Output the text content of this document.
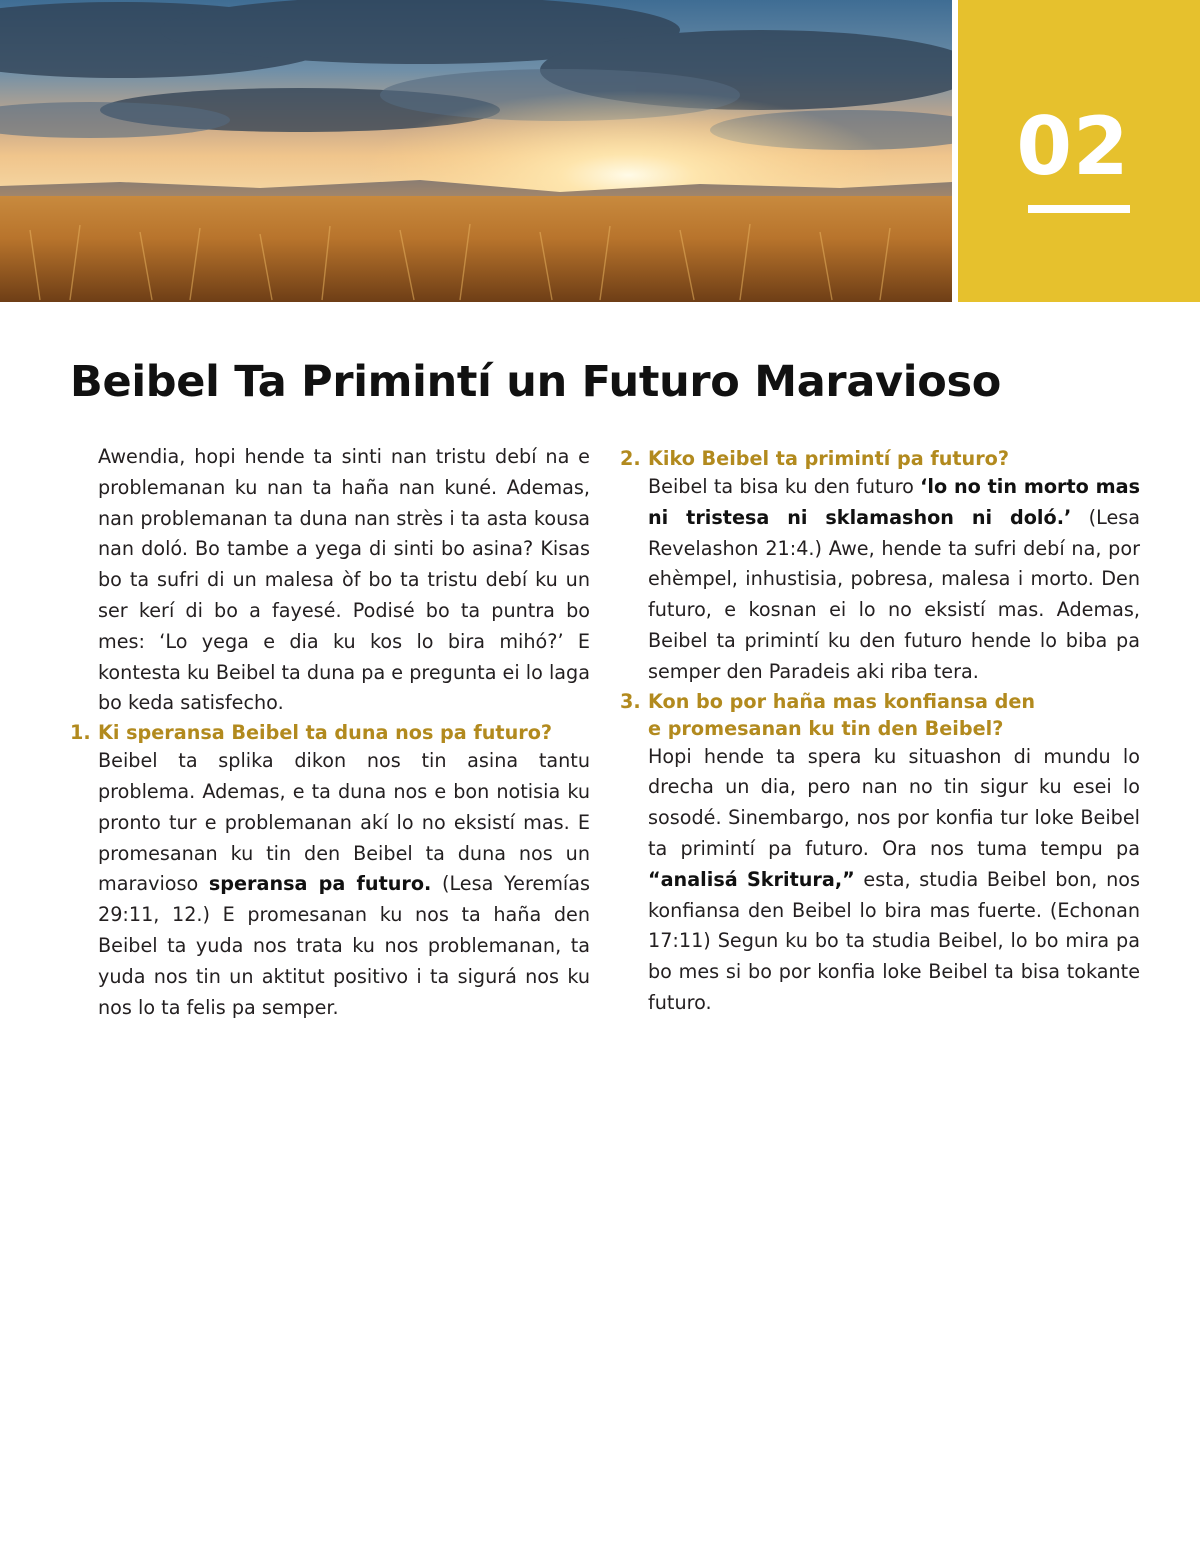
02
Beibel Ta Primintí un Futuro Maravioso

Awendia, hopi hende ta sinti nan tristu debí na e problemanan ku nan ta haña nan kuné. Ademas, nan problemanan ta duna nan strès i ta asta kousa nan doló. Bo tambe a yega di sinti bo asina? Kisas bo ta sufri di un malesa òf bo ta tristu debí ku un ser kerí di bo a fayesé. Podisé bo ta puntra bo mes: ‘Lo yega e dia ku kos lo bira mihó?’ E kontesta ku Beibel ta duna pa e pregunta ei lo laga bo keda satisfecho.

1. Ki speransa Beibel ta duna nos pa futuro?

Beibel ta splika dikon nos tin asina tantu problema. Ademas, e ta duna nos e bon notisia ku pronto tur e problemanan akí lo no eksistí mas. E promesanan ku tin den Beibel ta duna nos un maravioso speransa pa futuro. (Lesa Yeremías 29:11, 12.) E promesanan ku nos ta haña den Beibel ta yuda nos trata ku nos problemanan, ta yuda nos tin un aktitut positivo i ta sigurá nos ku nos lo ta felis pa semper.

2. Kiko Beibel ta primintí pa futuro?

Beibel ta bisa ku den futuro ‘lo no tin morto mas ni tristesa ni sklamashon ni doló.’ (Lesa Revelashon 21:4.) Awe, hende ta sufri debí na, por ehèmpel, inhustisia, pobresa, malesa i morto. Den futuro, e kosnan ei lo no eksistí mas. Ademas, Beibel ta primintí ku den futuro hende lo biba pa semper den Paradeis aki riba tera.

3. Kon bo por haña mas konfiansa den
e promesanan ku tin den Beibel?

Hopi hende ta spera ku situashon di mundu lo drecha un dia, pero nan no tin sigur ku esei lo sosodé. Sinembargo, nos por konfia tur loke Beibel ta primintí pa futuro. Ora nos tuma tempu pa “analisá Skritura,” esta, studia Beibel bon, nos konfiansa den Beibel lo bira mas fuerte. (Echonan 17:11) Segun ku bo ta studia Beibel, lo bo mira pa bo mes si bo por konfia loke Beibel ta bisa tokante futuro.
